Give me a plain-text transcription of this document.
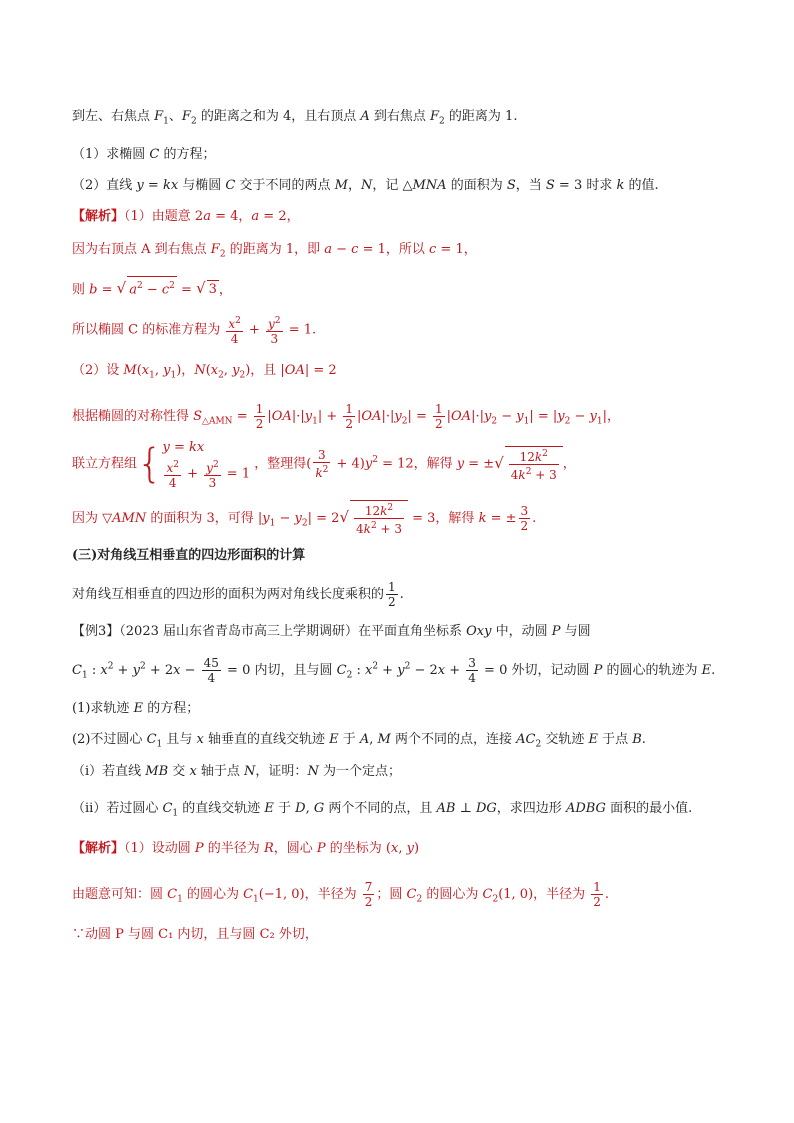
到左、右焦点 $F_1$、$F_2$ 的距离之和为 4，且右顶点 A 到右焦点 $F_2$ 的距离为 1.
（1）求椭圆 C 的方程；
（2）直线 y = kx 与椭圆 C 交于不同的两点 M，N，记 △MNA 的面积为 S，当 S = 3 时求 k 的值.
【解析】（1）由题意 2a = 4，a = 2，
因为右顶点 A 到右焦点 $F_2$ 的距离为 1，即 a − c = 1，所以 c = 1，
则 b = √ $a^2 - c^2$ = √ 3 ，
所以椭圆 C 的标准方程为 $\frac{x^2}{4} + \frac{y^2}{3} = 1$.
（2）设 $M(x_1$, $y_1$)，$N(x_2$, $y_2$)，且 |OA| = 2
根据椭圆的对称性得 $S_{\triangle AMN} = \frac{1}{2} |OA|\cdot|y_1| + \frac{1}{2} |OA|\cdot|y_2| = \frac{1}{2} |OA|\cdot|y_2 - y_1| = |y_2 - y_1|$，
联立方程组{ y = kx
$\frac{x^2}{4} + \frac{y^2}{3} = 1$
，整理得( $\frac{3}{k^2} + 4)y^2 = 12$，解得 y = ±√ $\frac{12k^2}{4k^2 + 3}$ ，
因为 ▽AMN 的面积为 3，可得 $|y_1 - y_2| = 2√ \frac{12k^2}{4k^2 + 3} = 3$，解得 k = ± $\frac{3}{2}$ .
(三)对角线互相垂直的四边形面积的计算
对角线互相垂直的四边形的面积为两对角线长度乘积的 $\frac{1}{2}$ .
【例3】（2023 届山东省青岛市高三上学期调研）在平面直角坐标系 Oxy 中，动圆 P 与圆
$C_1$ : $x^2 + y^2 + 2x - \frac{45}{4} = 0$ 内切，且与圆 $C_2$ : $x^2 + y^2 - 2x + \frac{3}{4} = 0$ 外切，记动圆 P 的圆心的轨迹为 E.
(1)求轨迹 E 的方程；
(2)不过圆心 $C_1$ 且与 x 轴垂直的直线交轨迹 E 于 A, M 两个不同的点，连接 $AC_2$ 交轨迹 E 于点 B.
（i）若直线 MB 交 x 轴于点 N，证明：N 为一个定点；
（ii）若过圆心 $C_1$ 的直线交轨迹 E 于 D, G 两个不同的点，且 AB ⊥ DG，求四边形 ADBG 面积的最小值.
【解析】（1）设动圆 P 的半径为 R，圆心 P 的坐标为 (x, y)
由题意可知：圆 $C_1$ 的圆心为 $C_1(-1$, 0)，半径为 $\frac{7}{2}$ ；圆 $C_2$ 的圆心为 $C_2(1$, 0)，半径为 $\frac{1}{2}$ .
∵动圆 P 与圆 C₁ 内切，且与圆 C₂ 外切，
